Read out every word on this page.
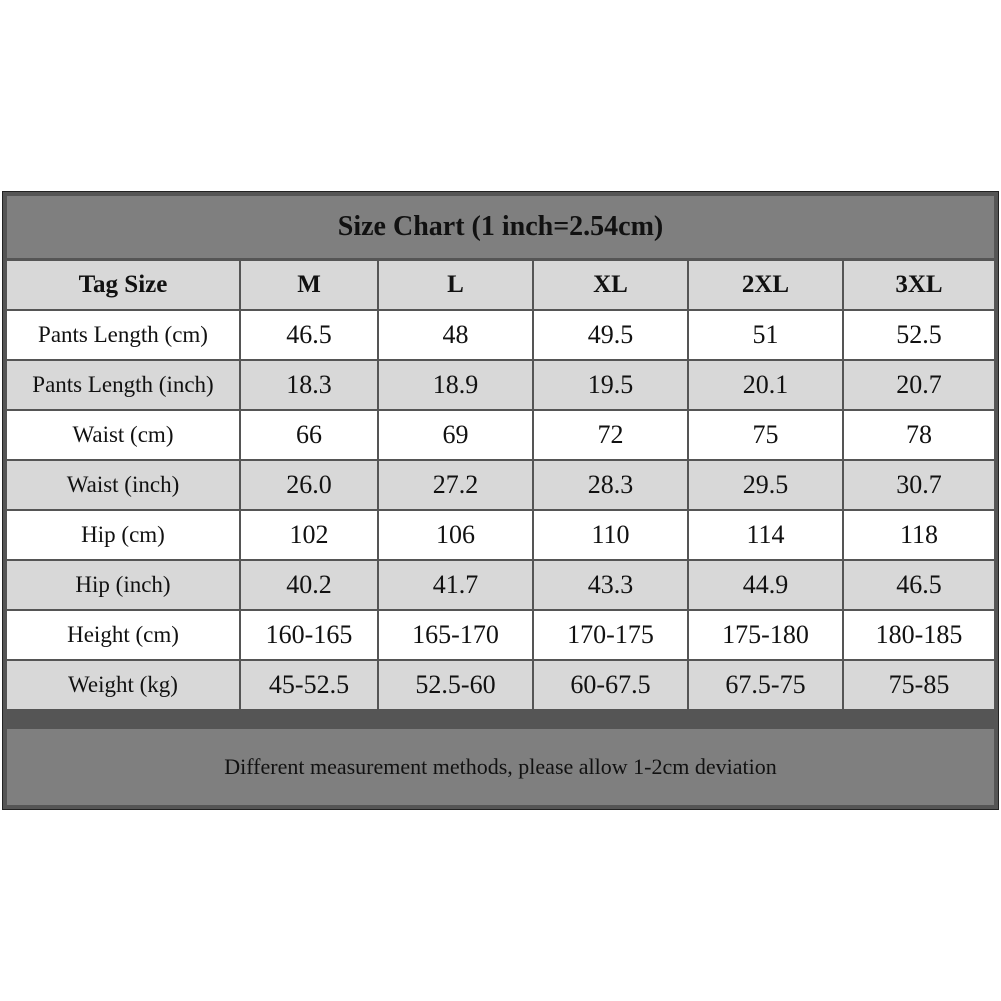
Size Chart (1 inch=2.54cm)
Tag Size	M	L	XL	2XL	3XL
Pants Length (cm)	46.5	48	49.5	51	52.5
Pants Length (inch)	18.3	18.9	19.5	20.1	20.7
Waist (cm)	66	69	72	75	78
Waist (inch)	26.0	27.2	28.3	29.5	30.7
Hip (cm)	102	106	110	114	118
Hip (inch)	40.2	41.7	43.3	44.9	46.5
Height (cm)	160-165	165-170	170-175	175-180	180-185
Weight (kg)	45-52.5	52.5-60	60-67.5	67.5-75	75-85
Different measurement methods, please allow 1-2cm deviation
